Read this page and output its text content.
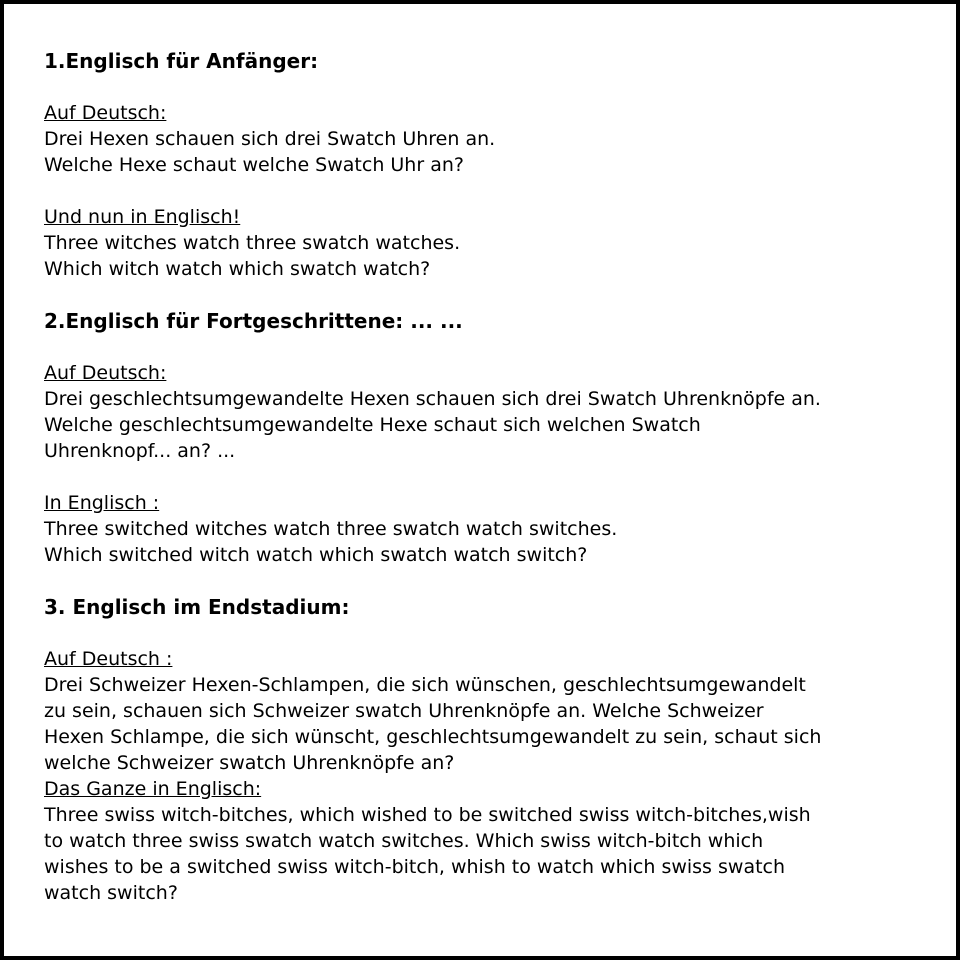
1.Englisch für Anfänger:

Auf Deutsch:

Drei Hexen schauen sich drei Swatch Uhren an.

Welche Hexe schaut welche Swatch Uhr an?

Und nun in Englisch!

Three witches watch three swatch watches.

Which witch watch which swatch watch?

2.Englisch für Fortgeschrittene: ... ...

Auf Deutsch:

Drei geschlechtsumgewandelte Hexen schauen sich drei Swatch Uhrenknöpfe an.

Welche geschlechtsumgewandelte Hexe schaut sich welchen Swatch

Uhrenknopf... an? ...

In Englisch :

Three switched witches watch three swatch watch switches.

Which switched witch watch which swatch watch switch?

3. Englisch im Endstadium:

Auf Deutsch :

Drei Schweizer Hexen-Schlampen, die sich wünschen, geschlechtsumgewandelt

zu sein, schauen sich Schweizer swatch Uhrenknöpfe an. Welche Schweizer

Hexen Schlampe, die sich wünscht, geschlechtsumgewandelt zu sein, schaut sich

welche Schweizer swatch Uhrenknöpfe an?

Das Ganze in Englisch:

Three swiss witch-bitches, which wished to be switched swiss witch-bitches,wish

to watch three swiss swatch watch switches. Which swiss witch-bitch which

wishes to be a switched swiss witch-bitch, whish to watch which swiss swatch

watch switch?
